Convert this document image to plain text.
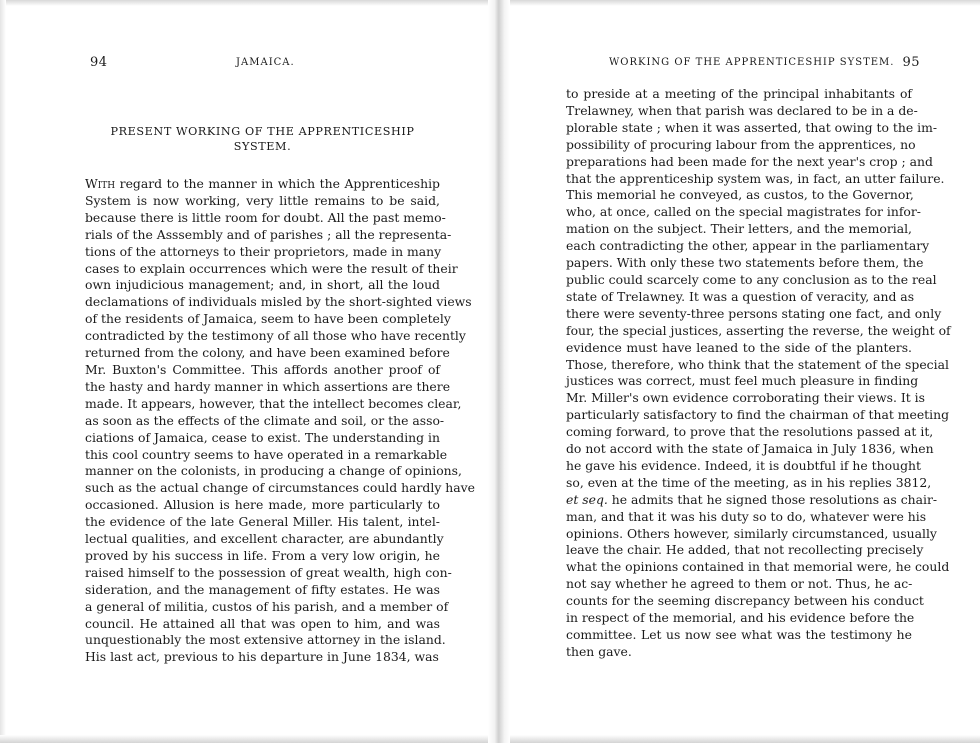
94	JAMAICA.
PRESENT WORKING OF THE APPRENTICESHIP SYSTEM.
With regard to the manner in which the Apprenticeship
System is now working, very little remains to be said,
because there is little room for doubt. All the past memo-
rials of the Asssembly and of parishes ; all the representa-
tions of the attorneys to their proprietors, made in many
cases to explain occurrences which were the result of their
own injudicious management; and, in short, all the loud
declamations of individuals misled by the short-sighted views
of the residents of Jamaica, seem to have been completely
contradicted by the testimony of all those who have recently
returned from the colony, and have been examined before
Mr. Buxton's Committee. This affords another proof of
the hasty and hardy manner in which assertions are there
made. It appears, however, that the intellect becomes clear,
as soon as the effects of the climate and soil, or the asso-
ciations of Jamaica, cease to exist. The understanding in
this cool country seems to have operated in a remarkable
manner on the colonists, in producing a change of opinions,
such as the actual change of circumstances could hardly have
occasioned. Allusion is here made, more particularly to
the evidence of the late General Miller. His talent, intel-
lectual qualities, and excellent character, are abundantly
proved by his success in life. From a very low origin, he
raised himself to the possession of great wealth, high con-
sideration, and the management of fifty estates. He was
a general of militia, custos of his parish, and a member of
council. He attained all that was open to him, and was
unquestionably the most extensive attorney in the island.
His last act, previous to his departure in June 1834, was
WORKING OF THE APPRENTICESHIP SYSTEM. 95
to preside at a meeting of the principal inhabitants of
Trelawney, when that parish was declared to be in a de-
plorable state ; when it was asserted, that owing to the im-
possibility of procuring labour from the apprentices, no
preparations had been made for the next year's crop ; and
that the apprenticeship system was, in fact, an utter failure.
This memorial he conveyed, as custos, to the Governor,
who, at once, called on the special magistrates for infor-
mation on the subject. Their letters, and the memorial,
each contradicting the other, appear in the parliamentary
papers. With only these two statements before them, the
public could scarcely come to any conclusion as to the real
state of Trelawney. It was a question of veracity, and as
there were seventy-three persons stating one fact, and only
four, the special justices, asserting the reverse, the weight of
evidence must have leaned to the side of the planters.
Those, therefore, who think that the statement of the special
justices was correct, must feel much pleasure in finding
Mr. Miller's own evidence corroborating their views. It is
particularly satisfactory to find the chairman of that meeting
coming forward, to prove that the resolutions passed at it,
do not accord with the state of Jamaica in July 1836, when
he gave his evidence. Indeed, it is doubtful if he thought
so, even at the time of the meeting, as in his replies 3812,
et seq. he admits that he signed those resolutions as chair-
man, and that it was his duty so to do, whatever were his
opinions. Others however, similarly circumstanced, usually
leave the chair. He added, that not recollecting precisely
what the opinions contained in that memorial were, he could
not say whether he agreed to them or not. Thus, he ac-
counts for the seeming discrepancy between his conduct
in respect of the memorial, and his evidence before the
committee. Let us now see what was the testimony he
then gave.
